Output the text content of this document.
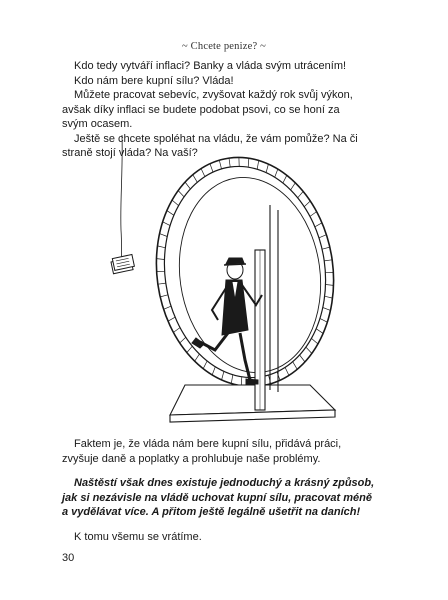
~ Chcete penize? ~

Kdo tedy vytváří inflaci? Banky a vláda svým utrácením!

Kdo nám bere kupní sílu? Vláda!

Můžete pracovat sebevíc, zvyšovat každý rok svůj výkon, avšak díky inflaci se budete podobat psovi, co se honí za svým ocasem.

Ještě se chcete spoléhat na vládu, že vám pomůže? Na či straně stojí vláda? Na vaší?

Faktem je, že vláda nám bere kupní sílu, přidává práci, zvyšuje daně a poplatky a prohlubuje naše problémy.

Naštěstí však dnes existuje jednoduchý a krásný způsob, jak si nezávisle na vládě uchovat kupní sílu, pracovat méně a vydělávat více. A přitom ještě legálně ušetřit na daních!

K tomu všemu se vrátíme.

30
